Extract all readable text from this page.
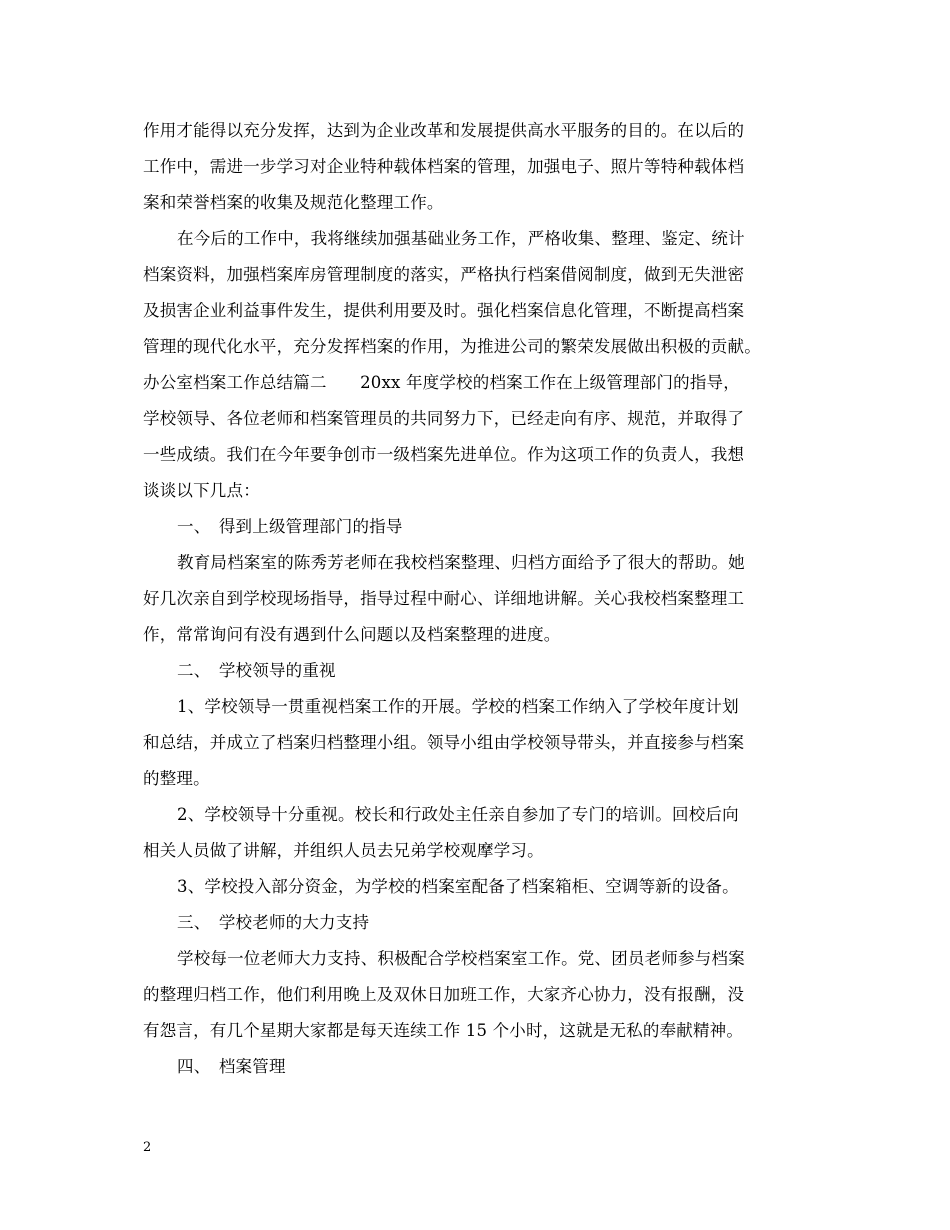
作用才能得以充分发挥，达到为企业改革和发展提供高水平服务的目的。在以后的
工作中，需进一步学习对企业特种载体档案的管理，加强电子、照片等特种载体档
案和荣誉档案的收集及规范化整理工作。
在今后的工作中，我将继续加强基础业务工作，严格收集、整理、鉴定、统计
档案资料，加强档案库房管理制度的落实，严格执行档案借阅制度，做到无失泄密
及损害企业利益事件发生，提供利用要及时。强化档案信息化管理，不断提高档案
管理的现代化水平，充分发挥档案的作用，为推进公司的繁荣发展做出积极的贡献。
办公室档案工作总结篇二　　20xx 年度学校的档案工作在上级管理部门的指导，
学校领导、各位老师和档案管理员的共同努力下，已经走向有序、规范，并取得了
一些成绩。我们在今年要争创市一级档案先进单位。作为这项工作的负责人，我想
谈谈以下几点：
一、　得到上级管理部门的指导
教育局档案室的陈秀芳老师在我校档案整理、归档方面给予了很大的帮助。她
好几次亲自到学校现场指导，指导过程中耐心、详细地讲解。关心我校档案整理工
作，常常询问有没有遇到什么问题以及档案整理的进度。
二、　学校领导的重视
1、学校领导一贯重视档案工作的开展。学校的档案工作纳入了学校年度计划
和总结，并成立了档案归档整理小组。领导小组由学校领导带头，并直接参与档案
的整理。
2、学校领导十分重视。校长和行政处主任亲自参加了专门的培训。回校后向
相关人员做了讲解，并组织人员去兄弟学校观摩学习。
3、学校投入部分资金，为学校的档案室配备了档案箱柜、空调等新的设备。
三、　学校老师的大力支持
学校每一位老师大力支持、积极配合学校档案室工作。党、团员老师参与档案
的整理归档工作，他们利用晚上及双休日加班工作，大家齐心协力，没有报酬，没
有怨言，有几个星期大家都是每天连续工作 15 个小时，这就是无私的奉献精神。
四、　档案管理
2
